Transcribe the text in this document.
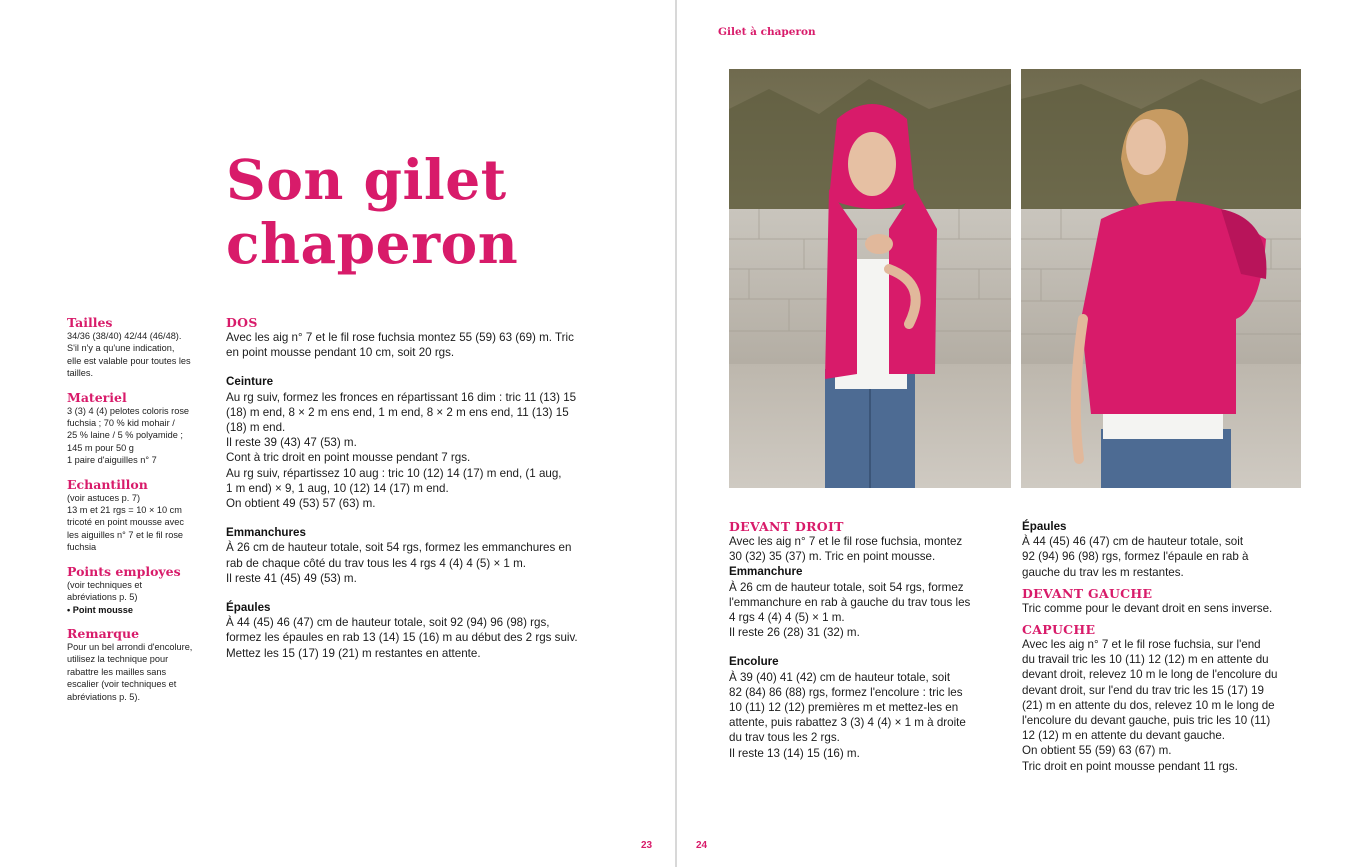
Son gilet
chaperon
Tailles
34/36 (38/40) 42/44 (46/48).
S'il n'y a qu'une indication,
elle est valable pour toutes les
tailles.
Materiel
3 (3) 4 (4) pelotes coloris rose
fuchsia ; 70 % kid mohair /
25 % laine / 5 % polyamide ;
145 m pour 50 g
1 paire d'aiguilles n° 7
Echantillon
(voir astuces p. 7)
13 m et 21 rgs = 10 × 10 cm
tricoté en point mousse avec
les aiguilles n° 7 et le fil rose
fuchsia
Points employes
(voir techniques et
abréviations p. 5)
• Point mousse
Remarque
Pour un bel arrondi d'encolure,
utilisez la technique pour
rabattre les mailles sans
escalier (voir techniques et
abréviations p. 5).
DOS
Avec les aig n° 7 et le fil rose fuchsia montez 55 (59) 63 (69) m. Tric
en point mousse pendant 10 cm, soit 20 rgs.
Ceinture
Au rg suiv, formez les fronces en répartissant 16 dim : tric 11 (13) 15
(18) m end, 8 × 2 m ens end, 1 m end, 8 × 2 m ens end, 11 (13) 15
(18) m end.
Il reste 39 (43) 47 (53) m.
Cont à tric droit en point mousse pendant 7 rgs.
Au rg suiv, répartissez 10 aug : tric 10 (12) 14 (17) m end, (1 aug,
1 m end) × 9, 1 aug, 10 (12) 14 (17) m end.
On obtient 49 (53) 57 (63) m.
Emmanchures
À 26 cm de hauteur totale, soit 54 rgs, formez les emmanchures en
rab de chaque côté du trav tous les 4 rgs 4 (4) 4 (5) × 1 m.
Il reste 41 (45) 49 (53) m.
Épaules
À 44 (45) 46 (47) cm de hauteur totale, soit 92 (94) 96 (98) rgs,
formez les épaules en rab 13 (14) 15 (16) m au début des 2 rgs suiv.
Mettez les 15 (17) 19 (21) m restantes en attente.
23
Gilet à chaperon
DEVANT DROIT
Avec les aig n° 7 et le fil rose fuchsia, montez
30 (32) 35 (37) m. Tric en point mousse.
Emmanchure
À 26 cm de hauteur totale, soit 54 rgs, formez
l'emmanchure en rab à gauche du trav tous les
4 rgs 4 (4) 4 (5) × 1 m.
Il reste 26 (28) 31 (32) m.
Encolure
À 39 (40) 41 (42) cm de hauteur totale, soit
82 (84) 86 (88) rgs, formez l'encolure : tric les
10 (11) 12 (12) premières m et mettez-les en
attente, puis rabattez 3 (3) 4 (4) × 1 m à droite
du trav tous les 2 rgs.
Il reste 13 (14) 15 (16) m.
Épaules
À 44 (45) 46 (47) cm de hauteur totale, soit
92 (94) 96 (98) rgs, formez l'épaule en rab à
gauche du trav les m restantes.
DEVANT GAUCHE
Tric comme pour le devant droit en sens inverse.
CAPUCHE
Avec les aig n° 7 et le fil rose fuchsia, sur l'end
du travail tric les 10 (11) 12 (12) m en attente du
devant droit, relevez 10 m le long de l'encolure du
devant droit, sur l'end du trav tric les 15 (17) 19
(21) m en attente du dos, relevez 10 m le long de
l'encolure du devant gauche, puis tric les 10 (11)
12 (12) m en attente du devant gauche.
On obtient 55 (59) 63 (67) m.
Tric droit en point mousse pendant 11 rgs.
24
